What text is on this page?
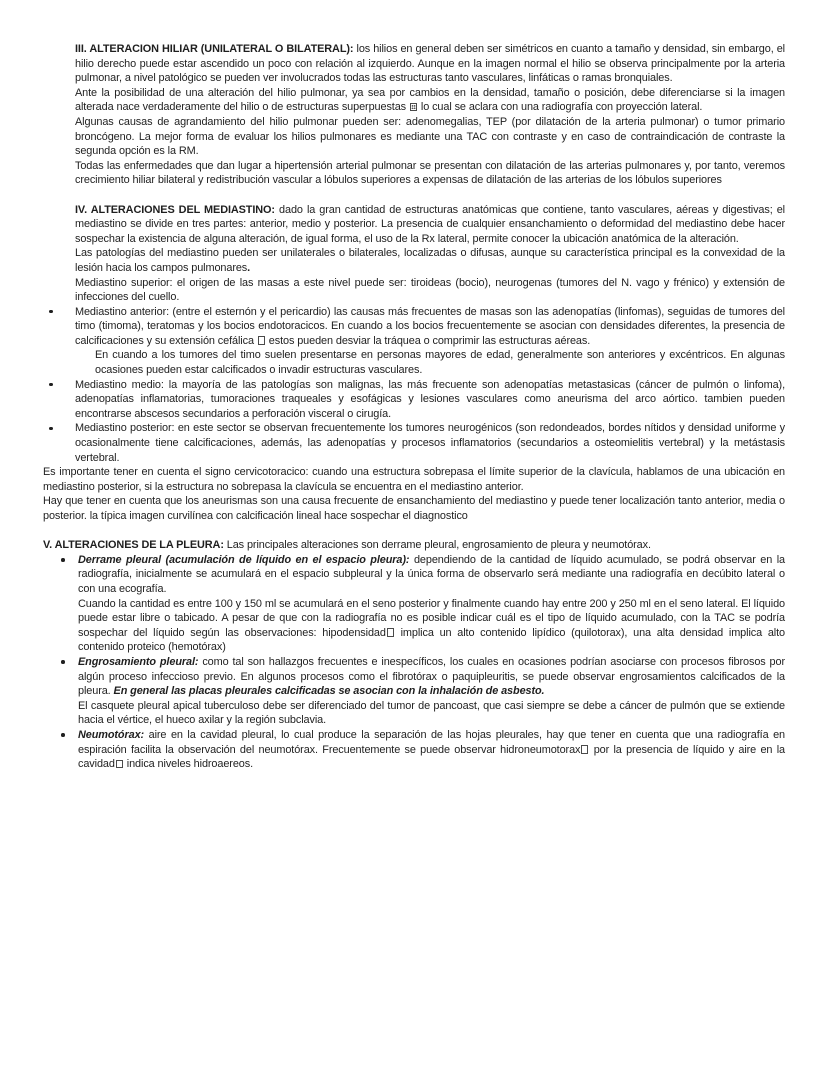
III. ALTERACION HILIAR (UNILATERAL O BILATERAL): los hilios en general deben ser simétricos en cuanto a tamaño y densidad, sin embargo, el hilio derecho puede estar ascendido un poco con relación al izquierdo. Aunque en la imagen normal el hilio se observa principalmente por la arteria pulmonar, a nivel patológico se pueden ver involucrados todas las estructuras tanto vasculares, linfáticas o ramas bronquiales.

Ante la posibilidad de una alteración del hilio pulmonar, ya sea por cambios en la densidad, tamaño o posición, debe diferenciarse si la imagen alterada nace verdaderamente del hilio o de estructuras superpuestas  lo cual se aclara con una radiografía con proyección lateral.

Algunas causas de agrandamiento del hilio pulmonar pueden ser: adenomegalias, TEP (por dilatación de la arteria pulmonar) o tumor primario broncógeno. La mejor forma de evaluar los hilios pulmonares es mediante una TAC con contraste y en caso de contraindicación de contraste la segunda opción es la RM.

Todas las enfermedades que dan lugar a hipertensión arterial pulmonar se presentan con dilatación de las arterias pulmonares y, por tanto, veremos crecimiento hiliar bilateral y redistribución vascular a lóbulos superiores a expensas de dilatación de las arterias de los lóbulos superiores

IV. ALTERACIONES DEL MEDIASTINO: dado la gran cantidad de estructuras anatómicas que contiene, tanto vasculares, aéreas y digestivas; el mediastino se divide en tres partes: anterior, medio y posterior. La presencia de cualquier ensanchamiento o deformidad del mediastino debe hacer sospechar la existencia de alguna alteración, de igual forma, el uso de la Rx lateral, permite conocer la ubicación anatómica de la alteración.

Las patologías del mediastino pueden ser unilaterales o bilaterales, localizadas o difusas, aunque su característica principal es la convexidad de la lesión hacia los campos pulmonares.

Mediastino superior: el origen de las masas a este nivel puede ser: tiroideas (bocio), neurogenas (tumores del N. vago y frénico) y extensión de infecciones del cuello.

Mediastino anterior: (entre el esternón y el pericardio) las causas más frecuentes de masas son las adenopatías (linfomas), seguidas de tumores del timo (timoma), teratomas y los bocios endotoracicos. En cuando a los bocios frecuentemente se asocian con densidades diferentes, la presencia de calcificaciones y su extensión cefálica  estos pueden desviar la tráquea o comprimir las estructuras aéreas.

En cuando a los tumores del timo suelen presentarse en personas mayores de edad, generalmente son anteriores y excéntricos. En algunas ocasiones pueden estar calcificados o invadir estructuras vasculares.

Mediastino medio: la mayoría de las patologías son malignas, las más frecuente son adenopatías metastasicas (cáncer de pulmón o linfoma), adenopatías inflamatorias, tumoraciones traqueales y esofágicas y lesiones vasculares como aneurisma del arco aórtico. tambien pueden encontrarse abscesos secundarios a perforación visceral o cirugía.
Mediastino posterior: en este sector se observan frecuentemente los tumores neurogénicos (son redondeados, bordes nítidos y densidad uniforme y ocasionalmente tiene calcificaciones, además, las adenopatías y procesos inflamatorios (secundarios a osteomielitis vertebral) y la metástasis vertebral.

Es importante tener en cuenta el signo cervicotoracico: cuando una estructura sobrepasa el límite superior de la clavícula, hablamos de una ubicación en mediastino posterior, si la estructura no sobrepasa la clavícula se encuentra en el mediastino anterior.

Hay que tener en cuenta que los aneurismas son una causa frecuente de ensanchamiento del mediastino y puede tener localización tanto anterior, media o posterior. la típica imagen curvilínea con calcificación lineal hace sospechar el diagnostico

V. ALTERACIONES DE LA PLEURA: Las principales alteraciones son derrame pleural, engrosamiento de pleura y neumotórax.

Derrame pleural (acumulación de líquido en el espacio pleura): dependiendo de la cantidad de líquido acumulado, se podrá observar en la radiografía, inicialmente se acumulará en el espacio subpleural y la única forma de observarlo será mediante una radiografía en decúbito lateral o con una ecografía.

Cuando la cantidad es entre 100 y 150 ml se acumulará en el seno posterior y finalmente cuando hay entre 200 y 250 ml en el seno lateral. El líquido puede estar libre o tabicado. A pesar de que con la radiografía no es posible indicar cuál es el tipo de líquido acumulado, con la TAC se podría sospechar del líquido según las observaciones: hipodensidad implica un alto contenido lipídico (quilotorax), una alta densidad implica alto contenido proteico (hemotórax)

Engrosamiento pleural: como tal son hallazgos frecuentes e inespecíficos, los cuales en ocasiones podrían asociarse con procesos fibrosos por algún proceso infeccioso previo. En algunos procesos como el fibrotórax o paquipleuritis, se puede observar engrosamientos calcificados de la pleura. En general las placas pleurales calcificadas se asocian con la inhalación de asbesto.

El casquete pleural apical tuberculoso debe ser diferenciado del tumor de pancoast, que casi siempre se debe a cáncer de pulmón que se extiende hacia el vértice, el hueco axilar y la región subclavia.

Neumotórax: aire en la cavidad pleural, lo cual produce la separación de las hojas pleurales, hay que tener en cuenta que una radiografía en espiración facilita la observación del neumotórax. Frecuentemente se puede observar hidroneumotorax por la presencia de líquido y aire en la cavidad indica niveles hidroaereos.
